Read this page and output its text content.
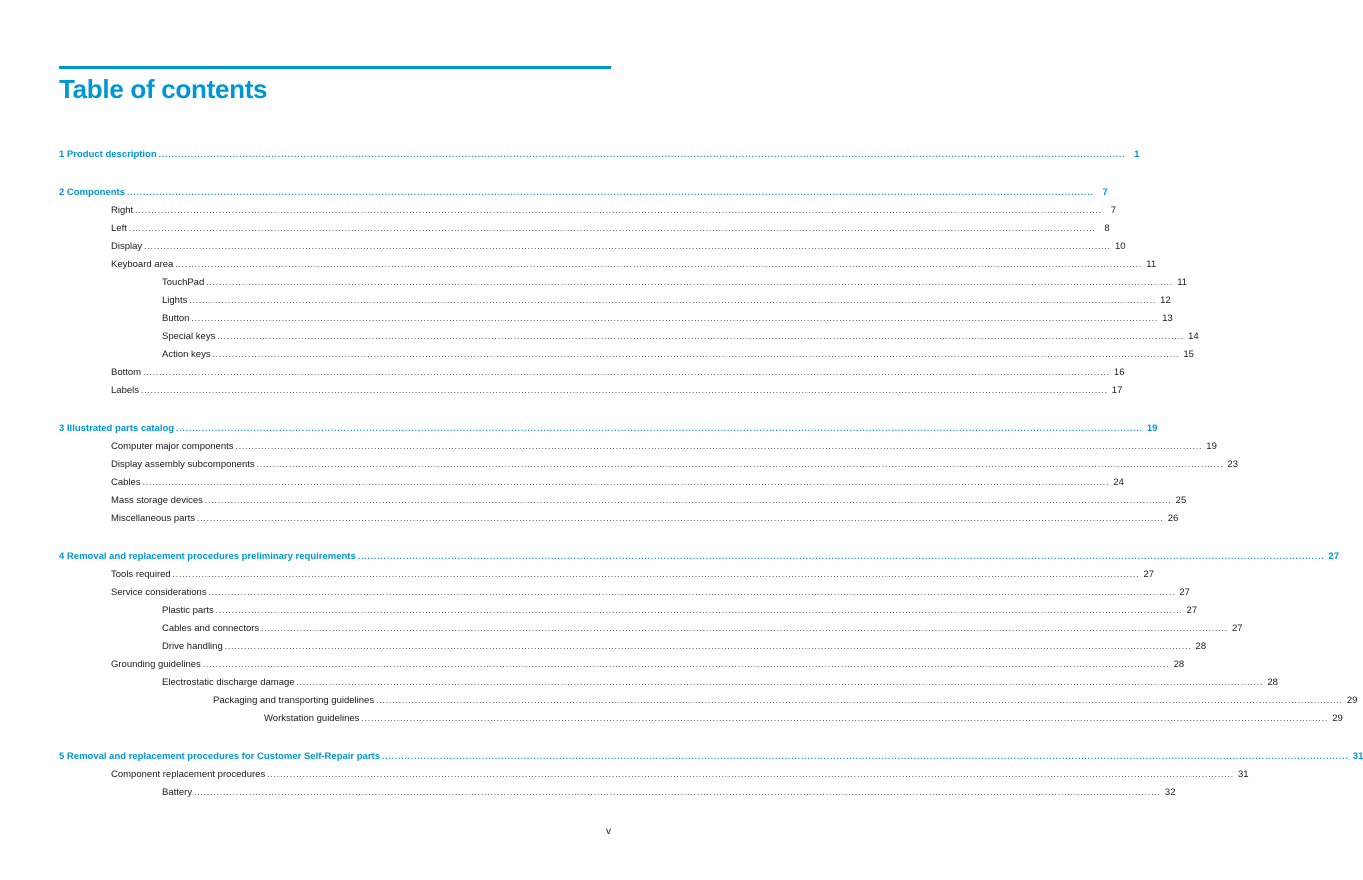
Table of contents
1 Product description ............................................................................................................................................................................................................................................................................................................ 1
2 Components ............................................................................................................................................................................................................................................................................................................ 7
Right ............................................................................................................................................................................................................................................................................................................ 7
Left ............................................................................................................................................................................................................................................................................................................ 8
Display ............................................................................................................................................................................................................................................................................................................ 10
Keyboard area ............................................................................................................................................................................................................................................................................................................ 11
TouchPad ............................................................................................................................................................................................................................................................................................................ 11
Lights ............................................................................................................................................................................................................................................................................................................ 12
Button ............................................................................................................................................................................................................................................................................................................ 13
Special keys ............................................................................................................................................................................................................................................................................................................ 14
Action keys ............................................................................................................................................................................................................................................................................................................ 15
Bottom ............................................................................................................................................................................................................................................................................................................ 16
Labels ............................................................................................................................................................................................................................................................................................................ 17
3 Illustrated parts catalog ............................................................................................................................................................................................................................................................................................................ 19
Computer major components ............................................................................................................................................................................................................................................................................................................ 19
Display assembly subcomponents ............................................................................................................................................................................................................................................................................................................ 23
Cables ............................................................................................................................................................................................................................................................................................................ 24
Mass storage devices ............................................................................................................................................................................................................................................................................................................ 25
Miscellaneous parts ............................................................................................................................................................................................................................................................................................................ 26
4 Removal and replacement procedures preliminary requirements ............................................................................................................................................................................................................................................................................................................ 27
Tools required ............................................................................................................................................................................................................................................................................................................ 27
Service considerations ............................................................................................................................................................................................................................................................................................................ 27
Plastic parts ............................................................................................................................................................................................................................................................................................................ 27
Cables and connectors ............................................................................................................................................................................................................................................................................................................ 27
Drive handling ............................................................................................................................................................................................................................................................................................................ 28
Grounding guidelines ............................................................................................................................................................................................................................................................................................................ 28
Electrostatic discharge damage ............................................................................................................................................................................................................................................................................................................ 28
Packaging and transporting guidelines ............................................................................................................................................................................................................................................................................................................ 29
Workstation guidelines ............................................................................................................................................................................................................................................................................................................ 29
5 Removal and replacement procedures for Customer Self-Repair parts ............................................................................................................................................................................................................................................................................................................ 31
Component replacement procedures ............................................................................................................................................................................................................................................................................................................ 31
Battery ............................................................................................................................................................................................................................................................................................................ 32
v
